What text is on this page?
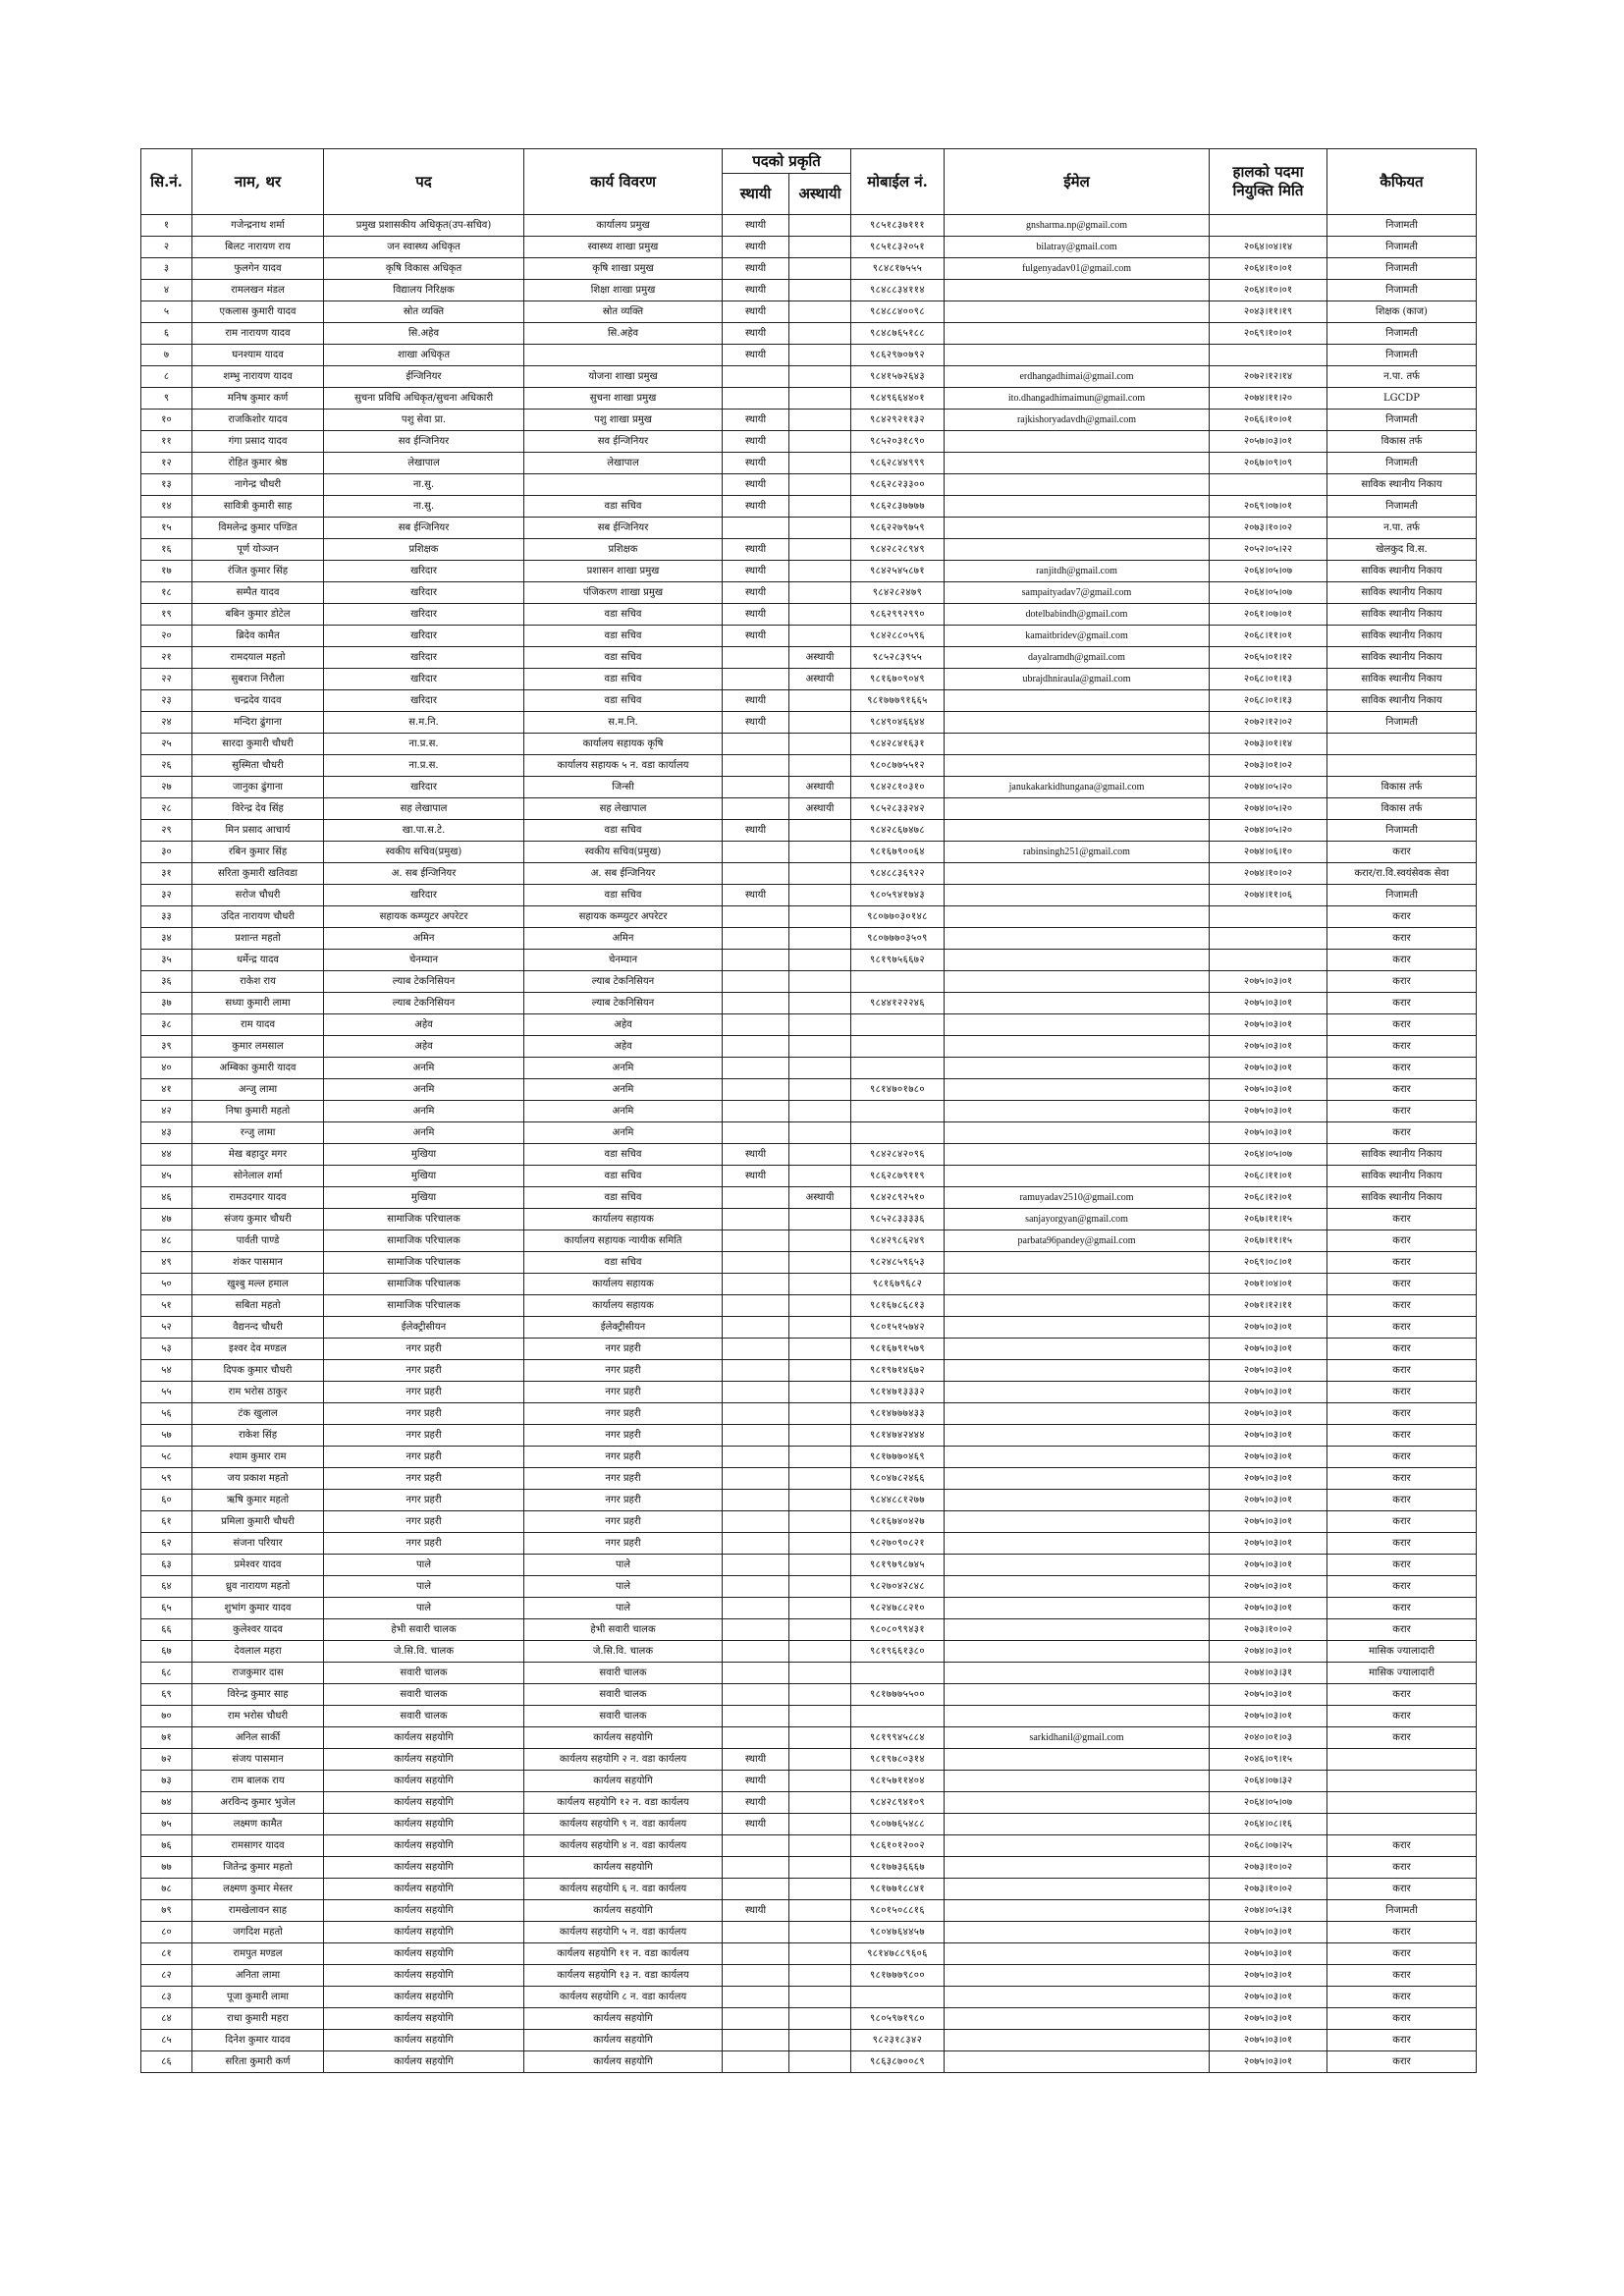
सि.नं.	नाम, थर	पद	कार्य विवरण	पदको प्रकृति		मोबाईल नं.	ईमेल	हालको पदमा नियुक्ति मिति	कैफियत
				स्थायी	अस्थायी				
१	गजेन्द्रनाथ शर्मा	प्रमुख प्रशासकीय अधिकृत(उप-सचिव)	कार्यालय प्रमुख	स्थायी		९८५१८३७१११	gnsharma.np@gmail.com		निजामती
२	बिलट नारायण राय	जन स्वास्थ्य अधिकृत	स्वास्थ्य शाखा प्रमुख	स्थायी		९८५१८३२०५१	bilatray@gmail.com	२०६४।०४।१४	निजामती
३	फुलगेन यादव	कृषि विकास अधिकृत	कृषि शाखा प्रमुख	स्थायी		९८४८१७५५५	fulgenyadav01@gmail.com	२०६४।१०।०१	निजामती
४	रामलखन मंडल	विद्यालय निरिक्षक	शिक्षा शाखा प्रमुख	स्थायी		९८४८८३४११४		२०६४।१०।०१	निजामती
५	एकलास कुमारी यादव	स्रोत व्यक्ति	स्रोत व्यक्ति	स्थायी		९८४८८४००९८		२०४३।११।१९	शिक्षक (काज)
६	राम नारायण यादव	सि.अहेव	सि.अहेव	स्थायी		९८४८७६५१८८		२०६९।१०।०१	निजामती
७	घनश्याम यादव	शाखा अधिकृत		स्थायी		९८६२९७०७९२			निजामती
८	शम्भु नारायण यादव	ईन्जिनियर	योजना शाखा प्रमुख			९८४१५७२६४३	erdhangadhimai@gmail.com	२०७२।१२।१४	न.पा. तर्फ
९	मनिष कुमार कर्ण	सुचना प्रविधि अधिकृत/सुचना अधिकारी	सुचना शाखा प्रमुख			९८४९६६४४०१	ito.dhangadhimaimun@gmail.com	२०७४।११।२०	LGCDP
१०	राजकिशोर यादव	पशु सेवा प्रा.	पशु शाखा प्रमुख	स्थायी		९८४२९२११३२	rajkishoryadavdh@gmail.com	२०६६।१०।०१	निजामती
११	गंगा प्रसाद यादव	सव ईन्जिनियर	सव ईन्जिनियर	स्थायी		९८५२०३१८९०		२०५७।०३।०१	विकास तर्फ
१२	रोहित कुमार श्रेष्ठ	लेखापाल	लेखापाल	स्थायी		९८६२८४४९९९		२०६७।०९।०९	निजामती
१३	नागेन्द्र चौधरी	ना.सु.		स्थायी		९८६२८२३३००			साविक स्थानीय निकाय
१४	सावित्री कुमारी साह	ना.सु.	वडा सचिव	स्थायी		९८६२८३७७७७		२०६९।०७।०१	निजामती
१५	विमलेन्द्र कुमार पण्डित	सब ईन्जिनियर	सब ईन्जिनियर			९८६२२७९७५९		२०७३।१०।०२	न.पा. तर्फ
१६	पूर्ण योञ्जन	प्रशिक्षक	प्रशिक्षक	स्थायी		९८४२८२८९४९		२०५२।०५।२२	खेलकुद वि.स.
१७	रंजित कुमार सिंह	खरिदार	प्रशासन शाखा प्रमुख	स्थायी		९८४२५४५८७१	ranjitdh@gmail.com	२०६४।०५।०७	साविक स्थानीय निकाय
१८	सम्पैत यादव	खरिदार	पंजिकरण शाखा प्रमुख	स्थायी		९८४२८२४७९	sampaityadav7@gmail.com	२०६४।०५।०७	साविक स्थानीय निकाय
१९	बबिन कुमार डोटेल	खरिदार	वडा सचिव	स्थायी		९८६२९९२९९०	dotelbabindh@gmail.com	२०६१।०७।०१	साविक स्थानीय निकाय
२०	ब्रिदेव कामैत	खरिदार	वडा सचिव	स्थायी		९८४२८८०५९६	kamaitbridev@gmail.com	२०६८।११।०१	साविक स्थानीय निकाय
२१	रामदयाल महतो	खरिदार	वडा सचिव		अस्थायी	९८५२८३९५५	dayalramdh@gmail.com	२०६५।०१।१२	साविक स्थानीय निकाय
२२	सुबराज निरौला	खरिदार	वडा सचिव		अस्थायी	९८१६७०९०४९	ubrajdhniraula@gmail.com	२०६८।०१।१३	साविक स्थानीय निकाय
२३	चन्द्रदेव यादव	खरिदार	वडा सचिव	स्थायी		९८१७७७९१६६५		२०६८।०१।१३	साविक स्थानीय निकाय
२४	मन्दिरा ढुंगाना	स.म.नि.	स.म.नि.	स्थायी		९८४९०४६६४४		२०७२।१२।०२	निजामती
२५	सारदा कुमारी चौधरी	ना.प्र.स.	कार्यालय सहायक कृषि			९८४२८४१६३१		२०७३।०१।१४	
२६	सुस्मिता चौधरी	ना.प्र.स.	कार्यालय सहायक ५ न. वडा कार्यालय			९८०८७७५५१२		२०७३।०१।०२	
२७	जानुका ढुंगाना	खरिदार	जिन्सी		अस्थायी	९८४२८१०३१०	janukakarkidhungana@gmail.com	२०७४।०५।२०	विकास तर्फ
२८	विरेन्द्र देव सिंह	सह लेखापाल	सह लेखापाल		अस्थायी	९८५२८३३२४२		२०७४।०५।२०	विकास तर्फ
२९	मिन प्रसाद आचार्य	खा.पा.स.टे.	वडा सचिव	स्थायी		९८४२८६७४७८		२०७४।०५।२०	निजामती
३०	रबिन कुमार सिंह	स्वकीय सचिव(प्रमुख)	स्वकीय सचिव(प्रमुख)			९८१६७९००६४	rabinsingh251@gmail.com	२०७४।०६।१०	करार
३१	सरिता कुमारी खतिवडा	अ. सब ईन्जिनियर	अ. सब ईन्जिनियर			९८४८८३६९२२		२०७४।१०।०२	करार/रा.वि.स्वयंसेवक सेवा
३२	सरोज चौधरी	खरिदार	वडा सचिव	स्थायी		९८०५९४१७४३		२०७४।११।०६	निजामती
३३	उदित नारायण चौधरी	सहायक कम्प्युटर अपरेटर	सहायक कम्प्युटर अपरेटर			९८०७७०३०१४८			करार
३४	प्रशान्त महतो	अमिन	अमिन			९८०७७७०३५०९			करार
३५	धर्मेन्द्र यादव	चेनम्यान	चेनम्यान			९८१९७५६६७२			करार
३६	राकेश राय	ल्याब टेकनिसियन	ल्याब टेकनिसियन					२०७५।०३।०१	करार
३७	सध्या कुमारी लामा	ल्याब टेकनिसियन	ल्याब टेकनिसियन			९८४४१२२२४६		२०७५।०३।०१	करार
३८	राम यादव	अहेव	अहेव					२०७५।०३।०१	करार
३९	कुमार लमसाल	अहेव	अहेव					२०७५।०३।०१	करार
४०	अम्बिका कुमारी यादव	अनमि	अनमि					२०७५।०३।०१	करार
४१	अन्जु लामा	अनमि	अनमि			९८१४७०१७८०		२०७५।०३।०१	करार
४२	निषा कुमारी महतो	अनमि	अनमि					२०७५।०३।०१	करार
४३	रन्जु लामा	अनमि	अनमि					२०७५।०३।०१	करार
४४	मेख बहादुर मगर	मुखिया	वडा सचिव	स्थायी		९८४२८४२०९६		२०६४।०५।०७	साविक स्थानीय निकाय
४५	सोनेलाल शर्मा	मुखिया	वडा सचिव	स्थायी		९८६२८७९११९		२०६८।११।०१	साविक स्थानीय निकाय
४६	रामउदगार यादव	मुखिया	वडा सचिव		अस्थायी	९८४२८९२५१०	ramuyadav2510@gmail.com	२०६८।१२।०१	साविक स्थानीय निकाय
४७	संजय कुमार चौधरी	सामाजिक परिचालक	कार्यालय सहायक			९८५२८३३३३६	sanjayorgyan@gmail.com	२०६७।११।१५	करार
४८	पार्वती पाण्डे	सामाजिक परिचालक	कार्यालय सहायक न्यायीक समिति			९८४२९८६२४९	parbata96pandey@gmail.com	२०६७।११।१५	करार
४९	शंकर पासमान	सामाजिक परिचालक	वडा सचिव			९८२४८५९६५३		२०६९।०८।०१	करार
५०	खुश्बु मल्ल हमाल	सामाजिक परिचालक	कार्यालय सहायक			९८१६७९६८२		२०७१।०४।०१	करार
५१	सबिता महतो	सामाजिक परिचालक	कार्यालय सहायक			९८१६७८६८१३		२०७१।१२।११	करार
५२	वैद्यनन्द चौधरी	ईलेक्ट्रीसीयन	ईलेक्ट्रीसीयन			९८०१५१५७४२		२०७५।०३।०१	करार
५३	इश्वर देव मण्डल	नगर प्रहरी	नगर प्रहरी			९८१६७९१५७९		२०७५।०३।०१	करार
५४	दिपक कुमार चौधरी	नगर प्रहरी	नगर प्रहरी			९८१९७१४६७२		२०७५।०३।०१	करार
५५	राम भरोस ठाकुर	नगर प्रहरी	नगर प्रहरी			९८१४७१३३३२		२०७५।०३।०१	करार
५६	टंक खुलाल	नगर प्रहरी	नगर प्रहरी			९८१४७७७४३३		२०७५।०३।०१	करार
५७	राकेश सिंह	नगर प्रहरी	नगर प्रहरी			९८१४७४२४४४		२०७५।०३।०१	करार
५८	श्याम कुमार राम	नगर प्रहरी	नगर प्रहरी			९८१७७७०४६९		२०७५।०३।०१	करार
५९	जय प्रकाश महतो	नगर प्रहरी	नगर प्रहरी			९८०४७८२४६६		२०७५।०३।०१	करार
६०	ऋषि कुमार महतो	नगर प्रहरी	नगर प्रहरी			९८४४८८१२७७		२०७५।०३।०१	करार
६१	प्रमिला कुमारी चौधरी	नगर प्रहरी	नगर प्रहरी			९८१६७४०४२७		२०७५।०३।०१	करार
६२	संजना परियार	नगर प्रहरी	नगर प्रहरी			९८२७०९०८२१		२०७५।०३।०१	करार
६३	प्रमेश्वर यादव	पाले	पाले			९८१९७९८७४५		२०७५।०३।०१	करार
६४	ध्रुव नारायण महतो	पाले	पाले			९८२७०४२८४८		२०७५।०३।०१	करार
६५	शुभांग कुमार यादव	पाले	पाले			९८२४७८८२१०		२०७५।०३।०१	करार
६६	कुलेश्वर यादव	हेभी सवारी चालक	हेभी सवारी चालक			९८०८०९९४३१		२०७३।१०।०२	करार
६७	देवलाल महरा	जे.सि.वि. चालक	जे.सि.वि. चालक			९८१९६६१३८०		२०७४।०३।०१	मासिक ज्यालादारी
६८	राजकुमार दास	सवारी चालक	सवारी चालक					२०७४।०३।३१	मासिक ज्यालादारी
६९	विरेन्द्र कुमार साह	सवारी चालक	सवारी चालक			९८१७७७५५००		२०७५।०३।०१	करार
७०	राम भरोस चौधरी	सवारी चालक	सवारी चालक					२०७५।०३।०१	करार
७१	अनिल सार्की	कार्यलय सहयोगि	कार्यलय सहयोगि			९८१९९४५८८४	sarkidhanil@gmail.com	२०४०।०१।०३	करार
७२	संजय पासमान	कार्यलय सहयोगि	कार्यलय सहयोगि २ न. वडा कार्यलय	स्थायी		९८१९७८०३१४		२०४६।०९।१५	
७३	राम बालक राय	कार्यलय सहयोगि	कार्यलय सहयोगि	स्थायी		९८१५७११४०४		२०६४।०७।३२	
७४	अरविन्द कुमार भुजेल	कार्यलय सहयोगि	कार्यलय सहयोगि १२ न. वडा कार्यलय	स्थायी		९८४२८९४१०९		२०६४।०५।०७	
७५	लक्ष्मण कामैत	कार्यलय सहयोगि	कार्यलय सहयोगि ९ न. वडा कार्यलय	स्थायी		९८०७७६५४८८		२०६४।०८।१६	
७६	रामसागर यादव	कार्यलय सहयोगि	कार्यलय सहयोगि ४ न. वडा कार्यलय			९८६१०१२००२		२०६८।०७।२५	करार
७७	जितेन्द्र कुमार महतो	कार्यलय सहयोगि	कार्यलय सहयोगि			९८१७७३६६६७		२०७३।१०।०२	करार
७८	लक्ष्मण कुमार मेस्तर	कार्यलय सहयोगि	कार्यलय सहयोगि ६ न. वडा कार्यलय			९८१७७१८८४१		२०७३।१०।०२	करार
७९	रामखेलावन साह	कार्यलय सहयोगि	कार्यलय सहयोगि	स्थायी		९८०१५०८८१६		२०७४।०५।३१	निजामती
८०	जगदिश महतो	कार्यलय सहयोगि	कार्यलय सहयोगि ५ न. वडा कार्यलय			९८०४७६४४५७		२०७५।०३।०१	करार
८१	रामपुत मण्डल	कार्यलय सहयोगि	कार्यलय सहयोगि ११ न. वडा कार्यलय			९८१४७८८९६०६		२०७५।०३।०१	करार
८२	अनिता लामा	कार्यलय सहयोगि	कार्यलय सहयोगि १३ न. वडा कार्यलय			९८१७७७९८००		२०७५।०३।०१	करार
८३	पूजा कुमारी लामा	कार्यलय सहयोगि	कार्यलय सहयोगि ८ न. वडा कार्यलय					२०७५।०३।०१	करार
८४	राधा कुमारी महरा	कार्यलय सहयोगि	कार्यलय सहयोगि			९८०५९७१९८०		२०७५।०३।०१	करार
८५	दिनेश कुमार यादव	कार्यलय सहयोगि	कार्यलय सहयोगि			९८२३१८३४२		२०७५।०३।०१	करार
८६	सरिता कुमारी कर्ण	कार्यलय सहयोगि	कार्यलय सहयोगि			९८६३८७००८९		२०७५।०३।०१	करार
